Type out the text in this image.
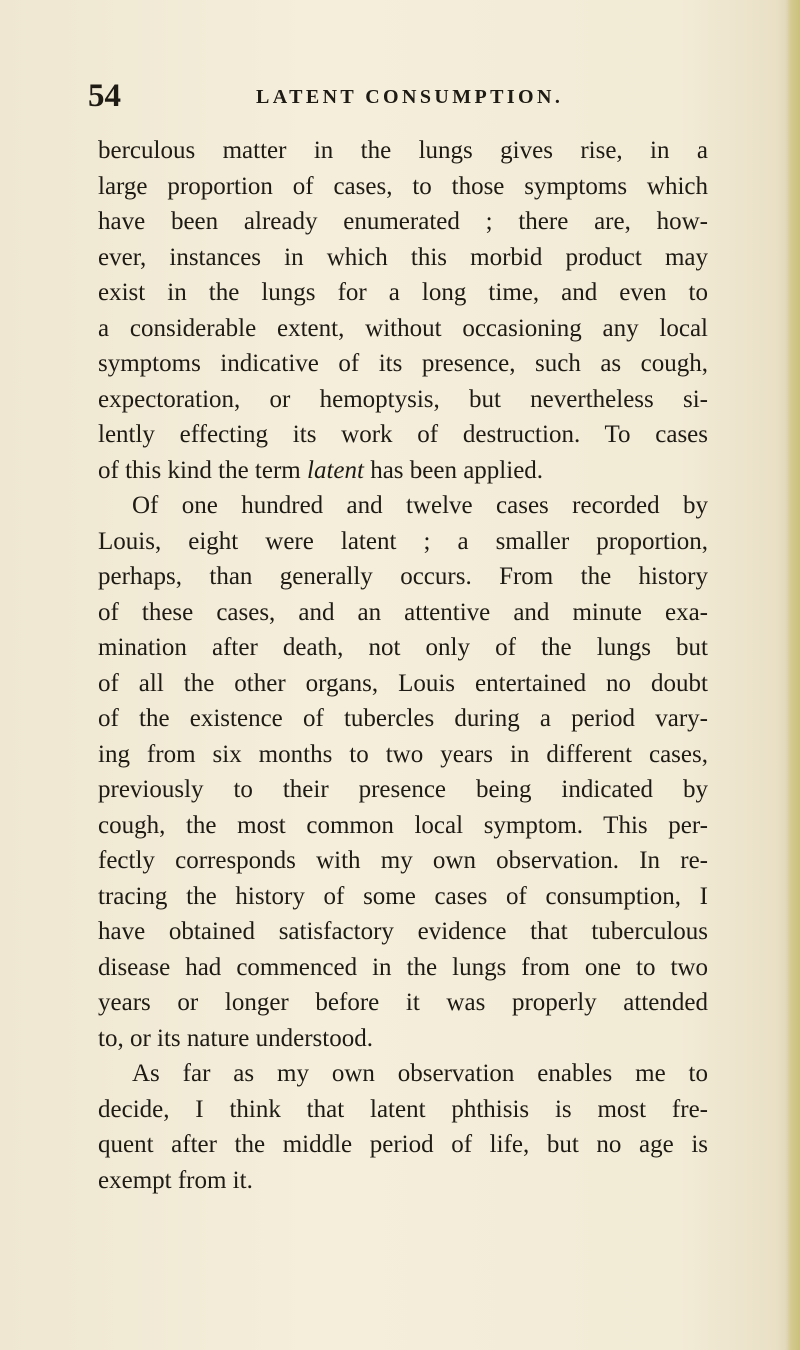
54	LATENT CONSUMPTION.
berculous matter in the lungs gives rise, in a
large proportion of cases, to those symptoms which
have been already enumerated ; there are, how-
ever, instances in which this morbid product may
exist in the lungs for a long time, and even to
a considerable extent, without occasioning any local
symptoms indicative of its presence, such as cough,
expectoration, or hemoptysis, but nevertheless si-
lently effecting its work of destruction. To cases
of this kind the term latent has been applied.
Of one hundred and twelve cases recorded by
Louis, eight were latent ; a smaller proportion,
perhaps, than generally occurs. From the history
of these cases, and an attentive and minute exa-
mination after death, not only of the lungs but
of all the other organs, Louis entertained no doubt
of the existence of tubercles during a period vary-
ing from six months to two years in different cases,
previously to their presence being indicated by
cough, the most common local symptom. This per-
fectly corresponds with my own observation. In re-
tracing the history of some cases of consumption, I
have obtained satisfactory evidence that tuberculous
disease had commenced in the lungs from one to two
years or longer before it was properly attended
to, or its nature understood.
As far as my own observation enables me to
decide, I think that latent phthisis is most fre-
quent after the middle period of life, but no age is
exempt from it.
